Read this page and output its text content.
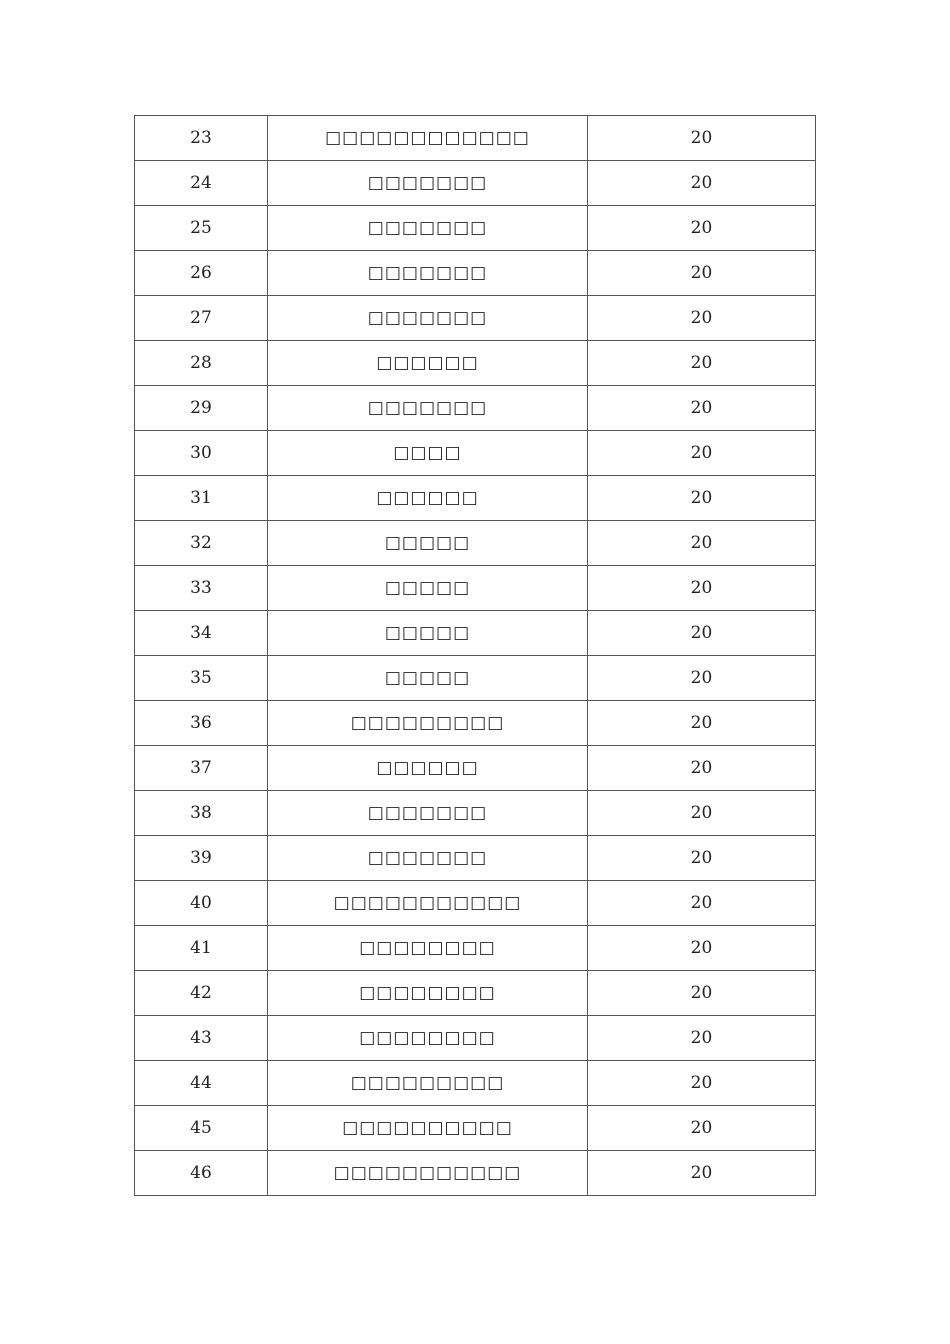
23	□□□□□□□□□□□□	20
24	□□□□□□□	20
25	□□□□□□□	20
26	□□□□□□□	20
27	□□□□□□□	20
28	□□□□□□	20
29	□□□□□□□	20
30	□□□□	20
31	□□□□□□	20
32	□□□□□	20
33	□□□□□	20
34	□□□□□	20
35	□□□□□	20
36	□□□□□□□□□	20
37	□□□□□□	20
38	□□□□□□□	20
39	□□□□□□□	20
40	□□□□□□□□□□□	20
41	□□□□□□□□	20
42	□□□□□□□□	20
43	□□□□□□□□	20
44	□□□□□□□□□	20
45	□□□□□□□□□□	20
46	□□□□□□□□□□□	20
